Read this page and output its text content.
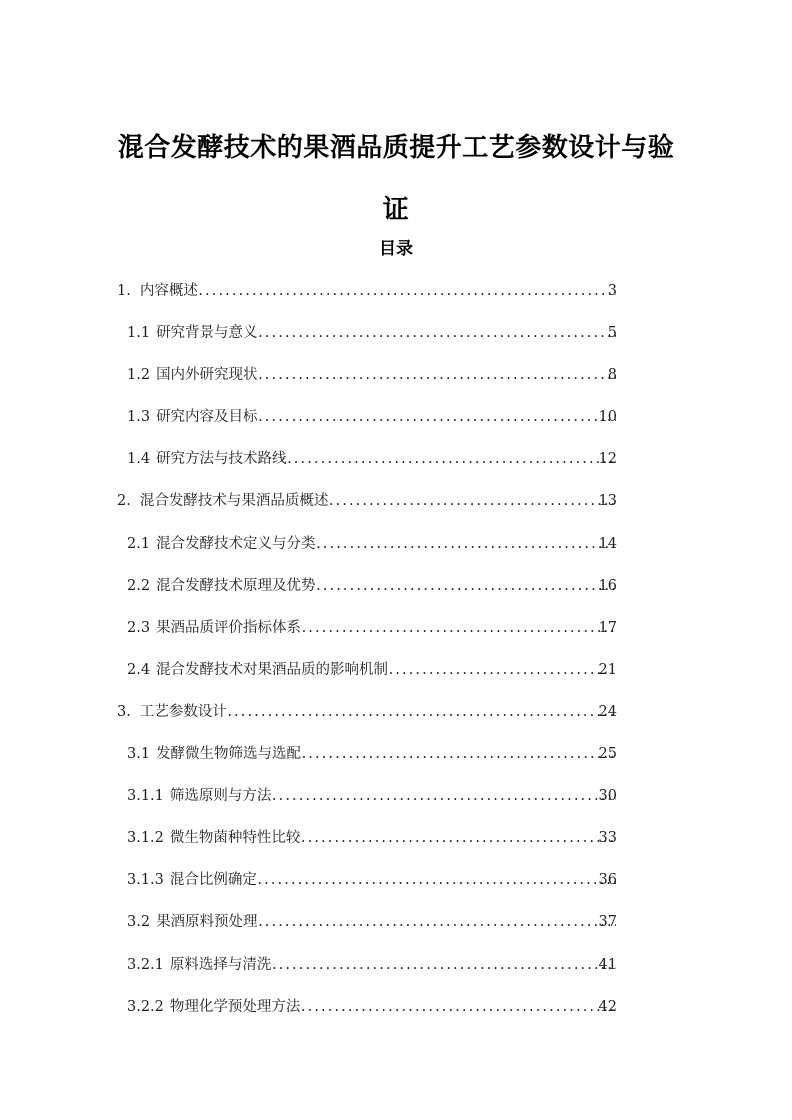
混合发酵技术的果酒品质提升工艺参数设计与验
证
目录
1. 内容概述 .....	3
1.1 研究背景与意义 .....	5
1.2 国内外研究现状 .....	8
1.3 研究内容及目标 .....	10
1.4 研究方法与技术路线 .....	12
2. 混合发酵技术与果酒品质概述 .....	13
2.1 混合发酵技术定义与分类 .....	14
2.2 混合发酵技术原理及优势 .....	16
2.3 果酒品质评价指标体系 .....	17
2.4 混合发酵技术对果酒品质的影响机制 .....	21
3. 工艺参数设计 .....	24
3.1 发酵微生物筛选与选配 .....	25
3.1.1 筛选原则与方法 .....	30
3.1.2 微生物菌种特性比较 .....	33
3.1.3 混合比例确定 .....	36
3.2 果酒原料预处理 .....	37
3.2.1 原料选择与清洗 .....	41
3.2.2 物理化学预处理方法 .....	42
